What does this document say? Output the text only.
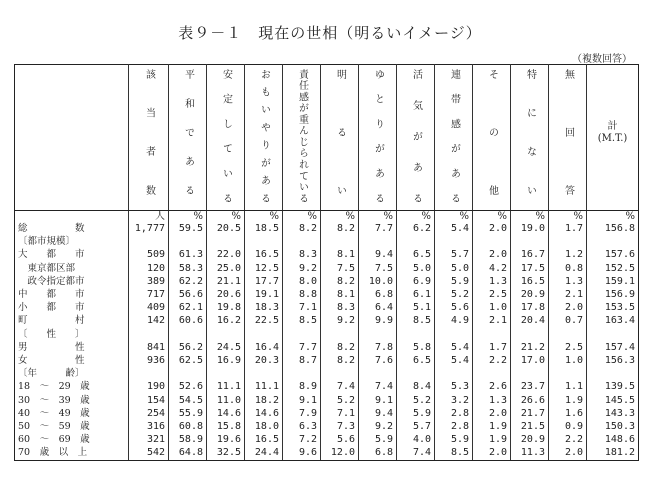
表９－１　現在の世相（明るいイメージ）
（複数回答）
	該当者数	平和である	安定している	おもいやりがある	責任感が重んじられている	明るい	ゆとりがある	活気がある	連帯感がある	その他	特にない	無回答	計
(M.T.)

	人	%	%	%	%	%	%	%	%	%	%	%	%
総　　　　　数	1,777	59.5	20.5	18.5	8.2	8.2	7.7	6.2	5.4	2.0	19.0	1.7	156.8
〔都市規模〕													
大　　都　　市	509	61.3	22.0	16.5	8.3	8.1	9.4	6.5	5.7	2.0	16.7	1.2	157.6
　東京都区部	120	58.3	25.0	12.5	9.2	7.5	7.5	5.0	5.0	4.2	17.5	0.8	152.5
　政令指定都市	389	62.2	21.1	17.7	8.0	8.2	10.0	6.9	5.9	1.3	16.5	1.3	159.1
中　　都　　市	717	56.6	20.6	19.1	8.8	8.1	6.8	6.1	5.2	2.5	20.9	2.1	156.9
小　　都　　市	409	62.1	19.8	18.3	7.1	8.3	6.4	5.1	5.6	1.0	17.8	2.0	153.5
町　　　　　村	142	60.6	16.2	22.5	8.5	9.2	9.9	8.5	4.9	2.1	20.4	0.7	163.4
〔　　性　　〕													
男　　　　　性	841	56.2	24.5	16.4	7.7	8.2	7.8	5.8	5.4	1.7	21.2	2.5	157.4
女　　　　　性	936	62.5	16.9	20.3	8.7	8.2	7.6	6.5	5.4	2.2	17.0	1.0	156.3
〔年　　　齢〕													
18　〜　29　歳	190	52.6	11.1	11.1	8.9	7.4	7.4	8.4	5.3	2.6	23.7	1.1	139.5
30　〜　39　歳	154	54.5	11.0	18.2	9.1	5.2	9.1	5.2	3.2	1.3	26.6	1.9	145.5
40　〜　49　歳	254	55.9	14.6	14.6	7.9	7.1	9.4	5.9	2.8	2.0	21.7	1.6	143.3
50　〜　59　歳	316	60.8	15.8	18.0	6.3	7.3	9.2	5.7	2.8	1.9	21.5	0.9	150.3
60　〜　69　歳	321	58.9	19.6	16.5	7.2	5.6	5.9	4.0	5.9	1.9	20.9	2.2	148.6
70　歳　以　上	542	64.8	32.5	24.4	9.6	12.0	6.8	7.4	8.5	2.0	11.3	2.0	181.2
